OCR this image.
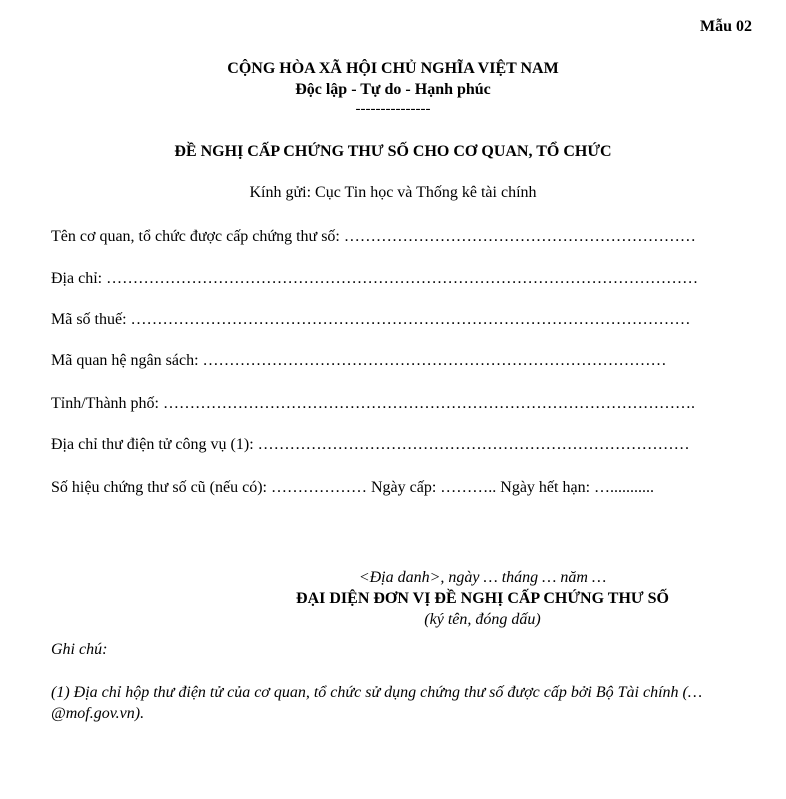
Mẫu 02
CỘNG HÒA XÃ HỘI CHỦ NGHĨA VIỆT NAM
Độc lập - Tự do - Hạnh phúc
---------------
ĐỀ NGHỊ CẤP CHỨNG THƯ SỐ CHO CƠ QUAN, TỔ CHỨC
Kính gửi: Cục Tin học và Thống kê tài chính
Tên cơ quan, tổ chức được cấp chứng thư số: …………………………………………………………
Địa chỉ: …………………………………………………………………………………………………
Mã số thuế: ……………………………………………………………………………………………
Mã quan hệ ngân sách: ……………………………………………………………………………
Tỉnh/Thành phố: ……………………………………………………………………………………….
Địa chỉ thư điện tử công vụ (1): ………………………………………………………………………
Số hiệu chứng thư số cũ (nếu có): ……………… Ngày cấp: ……….. Ngày hết hạn: …...........
<Địa danh>, ngày … tháng … năm …
ĐẠI DIỆN ĐƠN VỊ ĐỀ NGHỊ CẤP CHỨNG THƯ SỐ
(ký tên, đóng dấu)
Ghi chú:
(1) Địa chỉ hộp thư điện tử của cơ quan, tổ chức sử dụng chứng thư số được cấp bởi Bộ Tài chính (…@mof.gov.vn).
